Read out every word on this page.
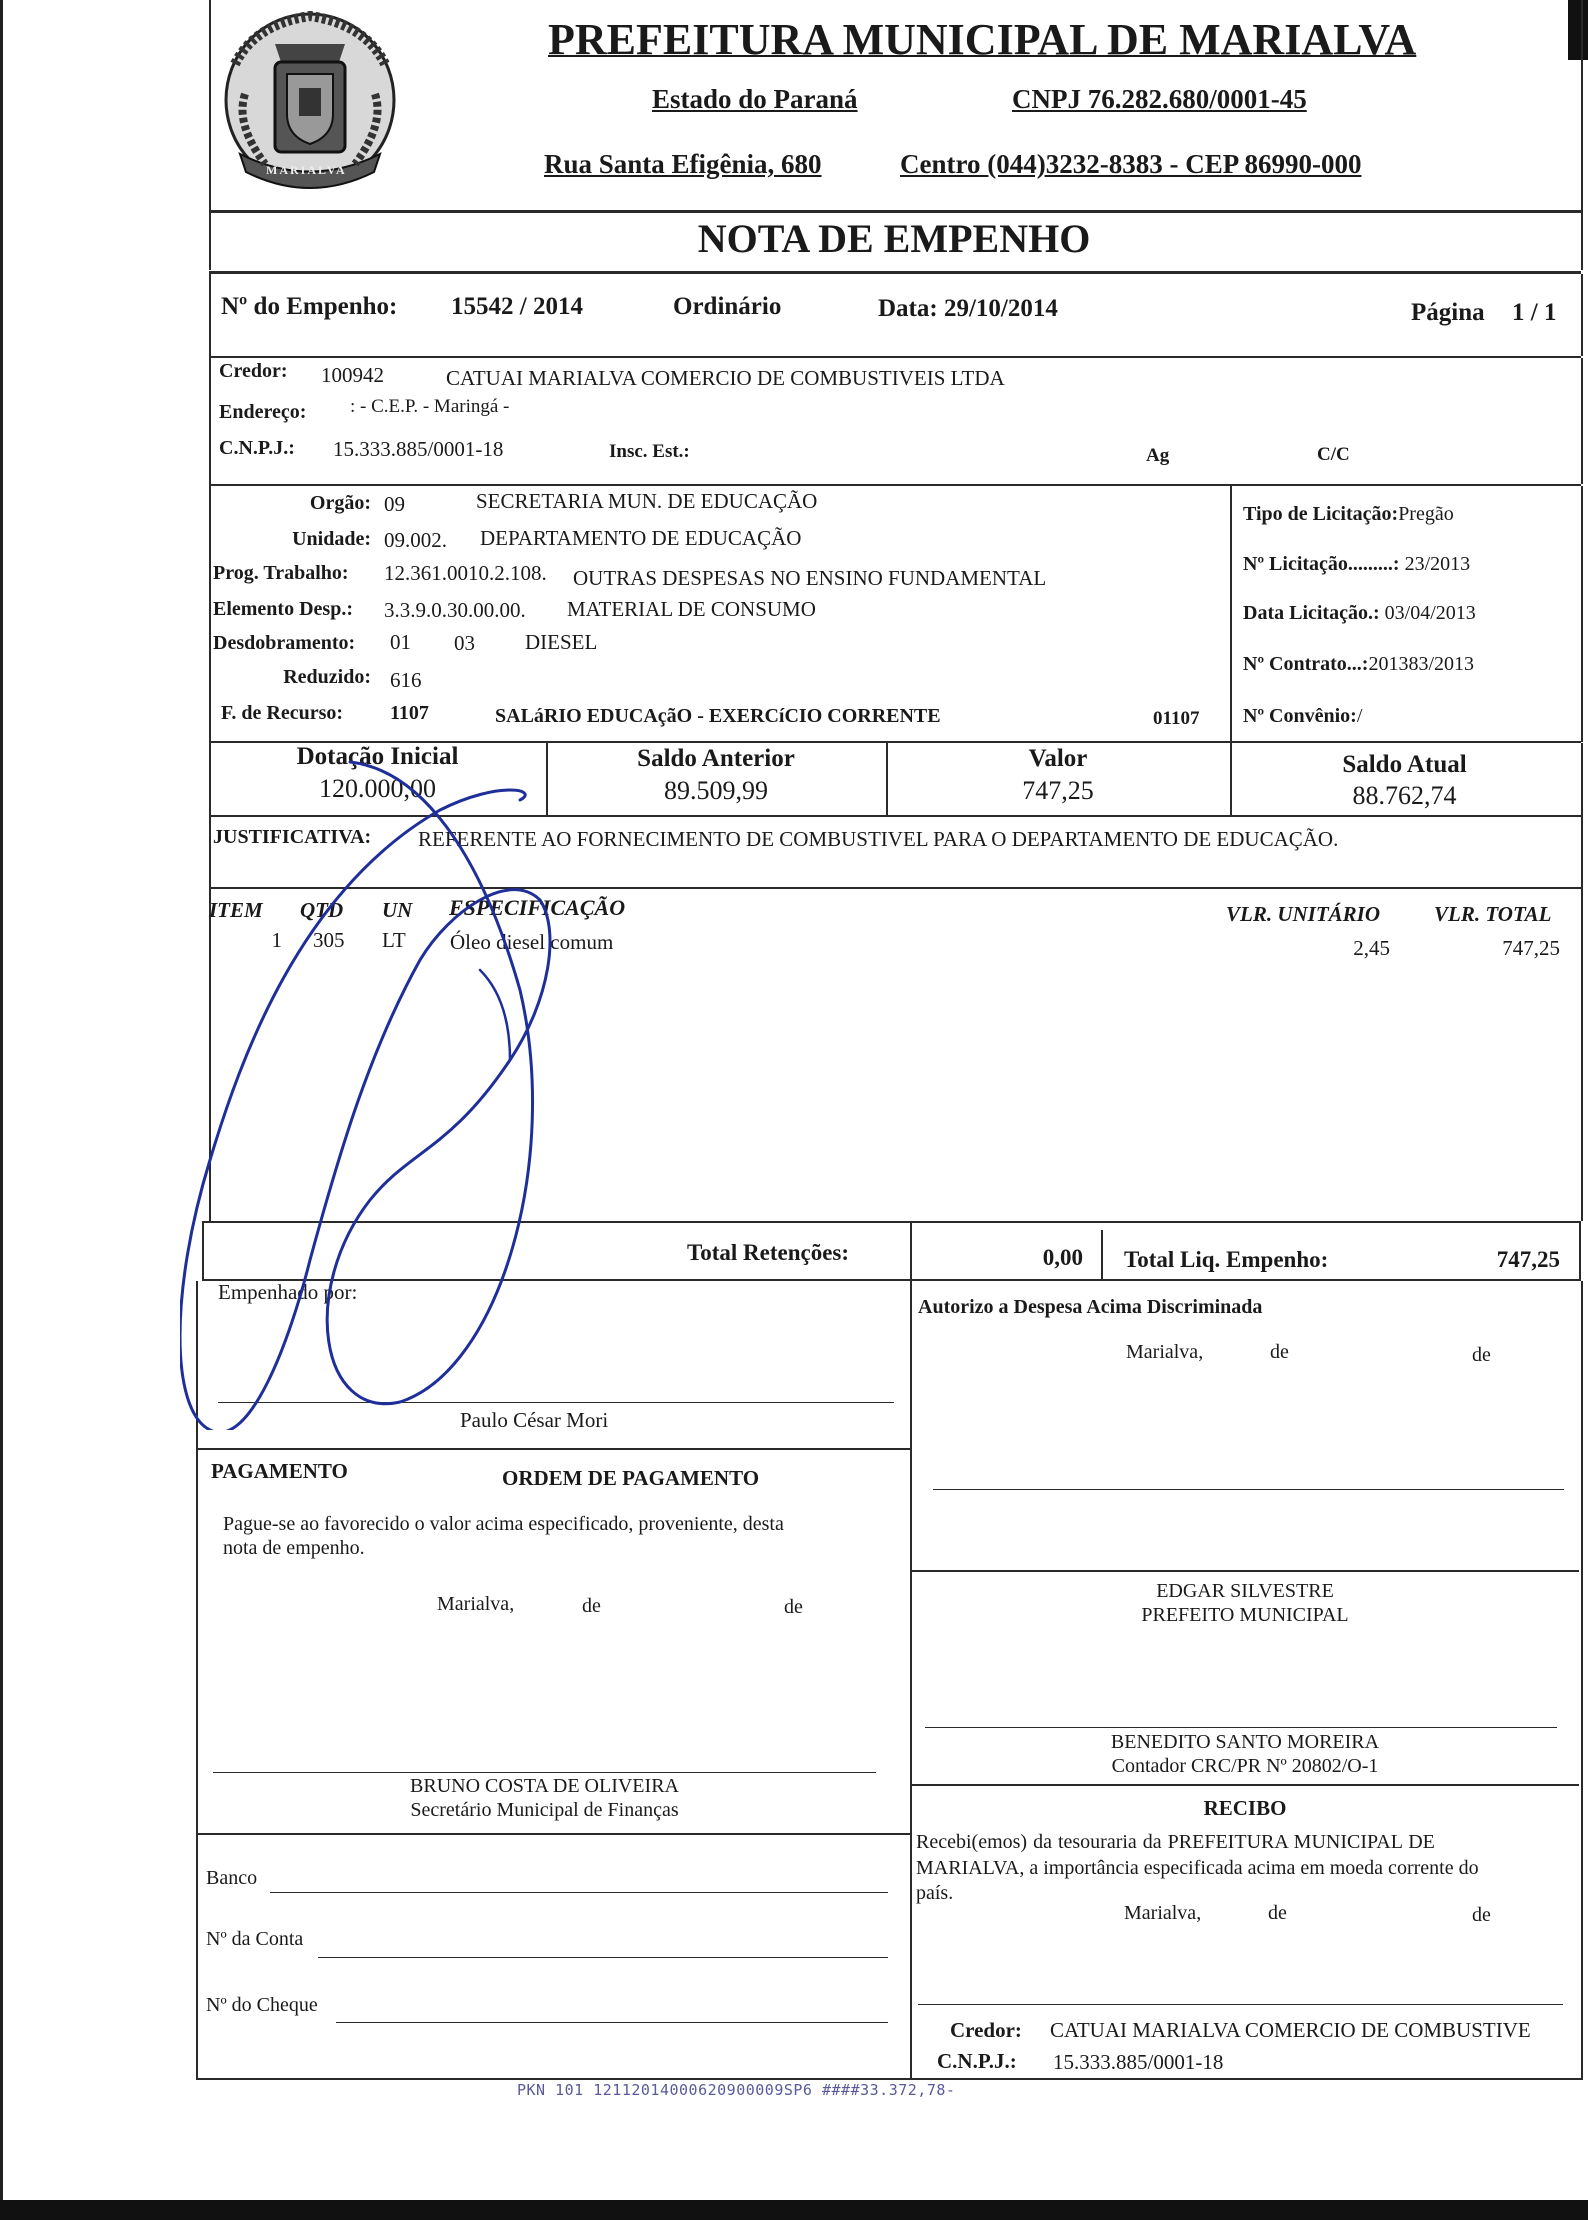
MARIALVA
PREFEITURA MUNICIPAL DE MARIALVA
Estado do Paraná	CNPJ 76.282.680/0001-45
Rua Santa Efigênia, 680	Centro (044)3232-8383 - CEP 86990-000
NOTA DE EMPENHO
Nº do Empenho: 15542 / 2014	Ordinário	Data: 29/10/2014	Página 1 / 1
Credor: 100942	CATUAI MARIALVA COMERCIO DE COMBUSTIVEIS LTDA
Endereço: : - C.E.P. - Maringá -
C.N.P.J.: 15.333.885/0001-18	Insc. Est.:	Ag	C/C
Orgão: 09	SECRETARIA MUN. DE EDUCAÇÃO
Unidade: 09.002. DEPARTAMENTO DE EDUCAÇÃO
Prog. Trabalho: 12.361.0010.2.108. OUTRAS DESPESAS NO ENSINO FUNDAMENTAL
Elemento Desp.: 3.3.9.0.30.00.00. MATERIAL DE CONSUMO
Desdobramento: 01 03 DIESEL
Reduzido: 616
F. de Recurso: 1107	SALáRIO EDUCAçãO - EXERCíCIO CORRENTE	01107
Tipo de Licitação:Pregão
Nº Licitação.........: 23/2013
Data Licitação.: 03/04/2013
Nº Contrato...:201383/2013
Nº Convênio:/
Dotação Inicial
120.000,00
Saldo Anterior
89.509,99
Valor
747,25
Saldo Atual
88.762,74
JUSTIFICATIVA: REFERENTE AO FORNECIMENTO DE COMBUSTIVEL PARA O DEPARTAMENTO DE EDUCAÇÃO.
ITEM QTD UN ESPECIFICAÇÃO	VLR. UNITÁRIO	VLR. TOTAL
1 305 LT Óleo diesel comum	2,45	747,25
Total Retenções:	0,00 Total Liq. Empenho:	747,25
Empenhado por:
Paulo César Mori
PAGAMENTO	ORDEM DE PAGAMENTO
Pague-se ao favorecido o valor acima especificado, proveniente, desta
nota de empenho.
Marialva,	de	de
BRUNO COSTA DE OLIVEIRA
Secretário Municipal de Finanças
Banco
Nº da Conta
Nº do Cheque
Autorizo a Despesa Acima Discriminada
Marialva,	de	de
EDGAR SILVESTRE
PREFEITO MUNICIPAL
BENEDITO SANTO MOREIRA
Contador CRC/PR Nº 20802/O-1
RECIBO
Recebi(emos) da tesouraria da PREFEITURA MUNICIPAL DE
MARIALVA, a importância especificada acima em moeda corrente do
país.
Marialva,	de	de
Credor: CATUAI MARIALVA COMERCIO DE COMBUSTIVE
C.N.P.J.: 15.333.885/0001-18
PKN 101 12112014000620900009SP6 ####33.372,78-
